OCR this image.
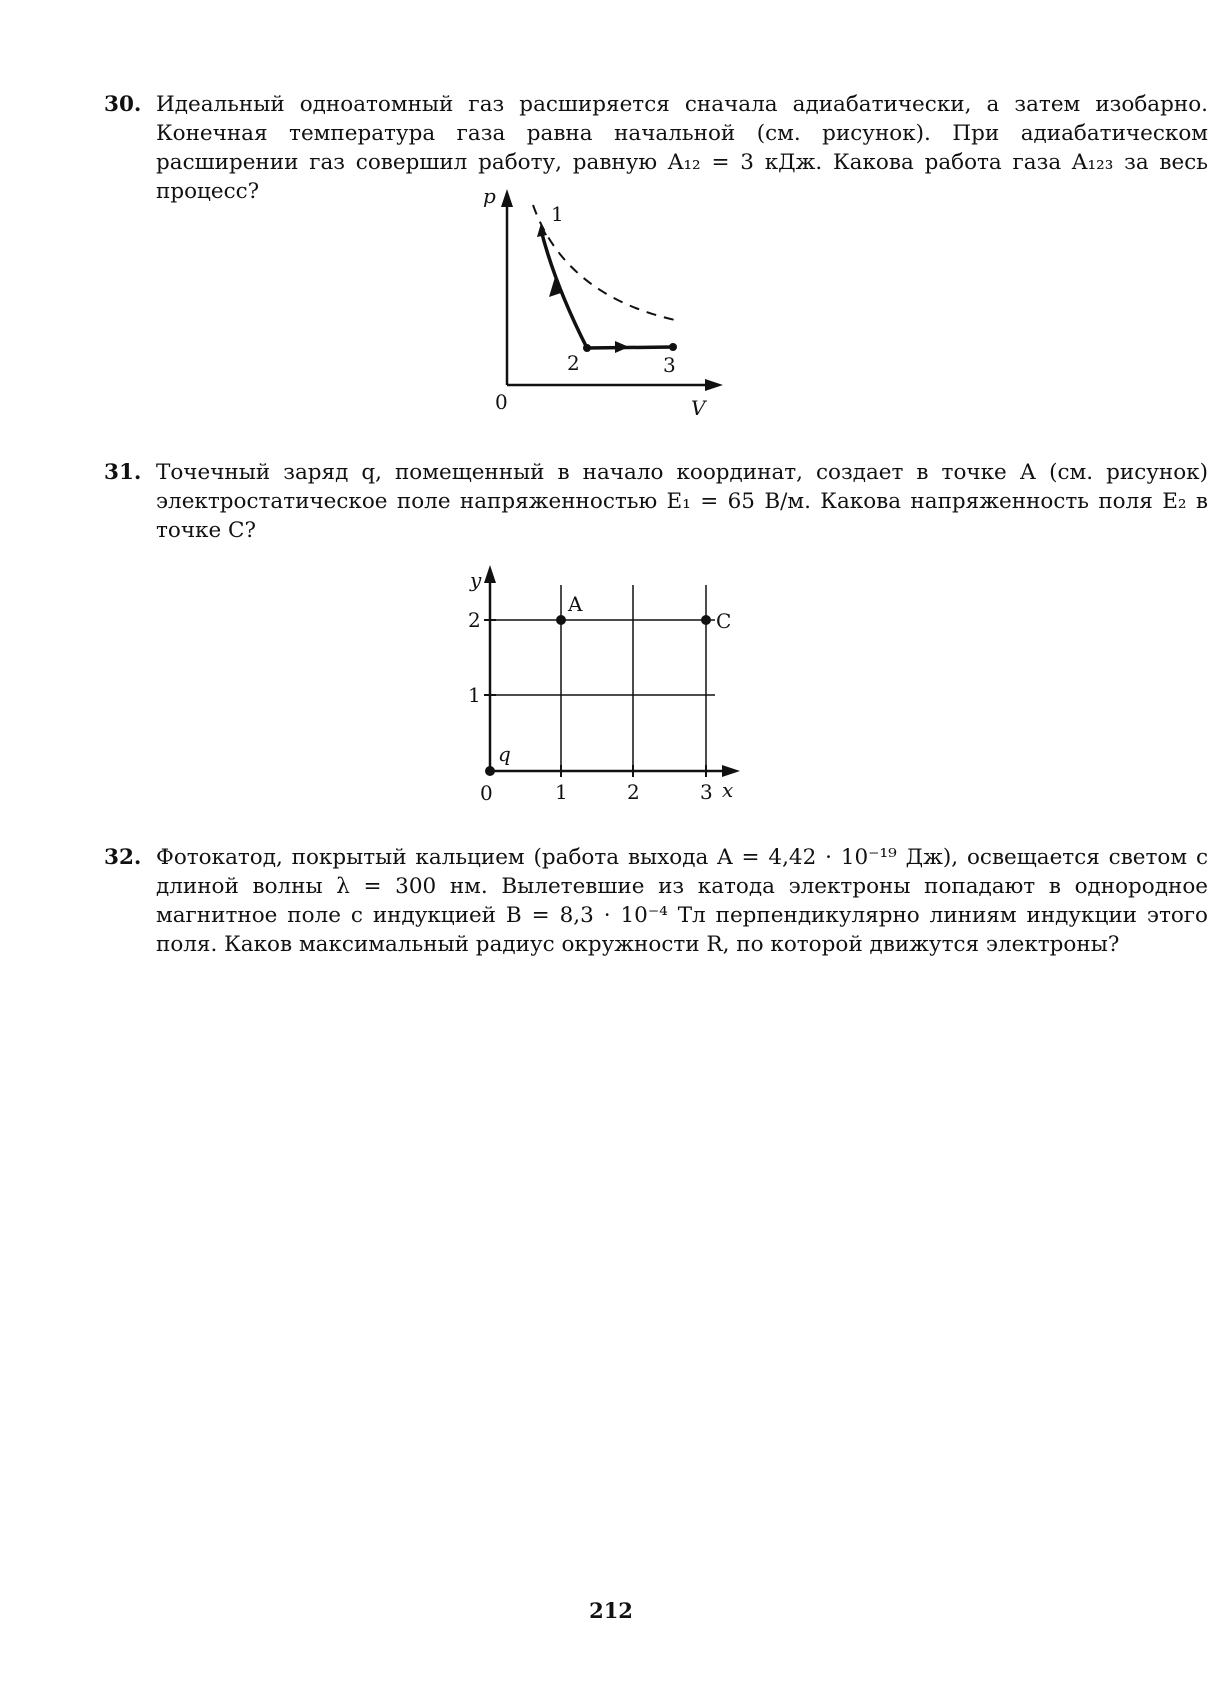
30. Идеальный одноатомный газ расширяется сначала адиабатически, а затем изобарно. Конечная температура газа равна начальной (см. рисунок). При адиабатическом расширении газ совершил работу, равную A₁₂ = 3 кДж. Какова работа газа A₁₂₃ за весь процесс?	p
V
0
1
2	3
31. Точечный заряд q, помещенный в начало координат, создает в точке А (см. рисунок) электростатическое поле напряженностью E₁ = 65 В/м. Какова напряженность поля E₂ в точке С?
y
x
0	1	2	3
1
2
q
A
C
32. Фотокатод, покрытый кальцием (работа выхода A = 4,42 · 10⁻¹⁹ Дж), освещается светом с длиной волны λ = 300 нм. Вылетевшие из катода электроны попадают в однородное магнитное поле с индукцией B = 8,3 · 10⁻⁴ Тл перпендикулярно линиям индукции этого поля. Каков максимальный радиус окружности R, по которой движутся электроны?
212
